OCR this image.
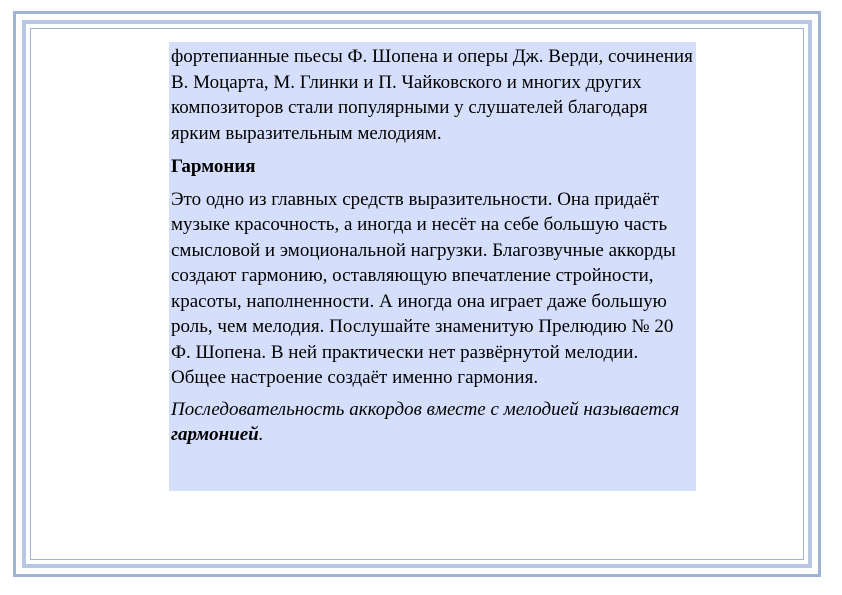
фортепианные пьесы Ф. Шопена и оперы Дж. Верди, сочинения В. Моцарта, М. Глинки и П. Чайковского и многих других композиторов стали популярными у слушателей благодаря ярким выразительным мелодиям.

Гармония

Это одно из главных средств выразительности. Она придаёт музыке красочность, а иногда и несёт на себе большую часть смысловой и эмоциональной нагрузки. Благозвучные аккорды создают гармонию, оставляющую впечатление стройности, красоты, наполненности. А иногда она играет даже большую роль, чем мелодия. Послушайте знаменитую Прелюдию № 20 Ф. Шопена. В ней практически нет развёрнутой мелодии. Общее настроение создаёт именно гармония.

Последовательность аккордов вместе с мелодией называется гармонией.
